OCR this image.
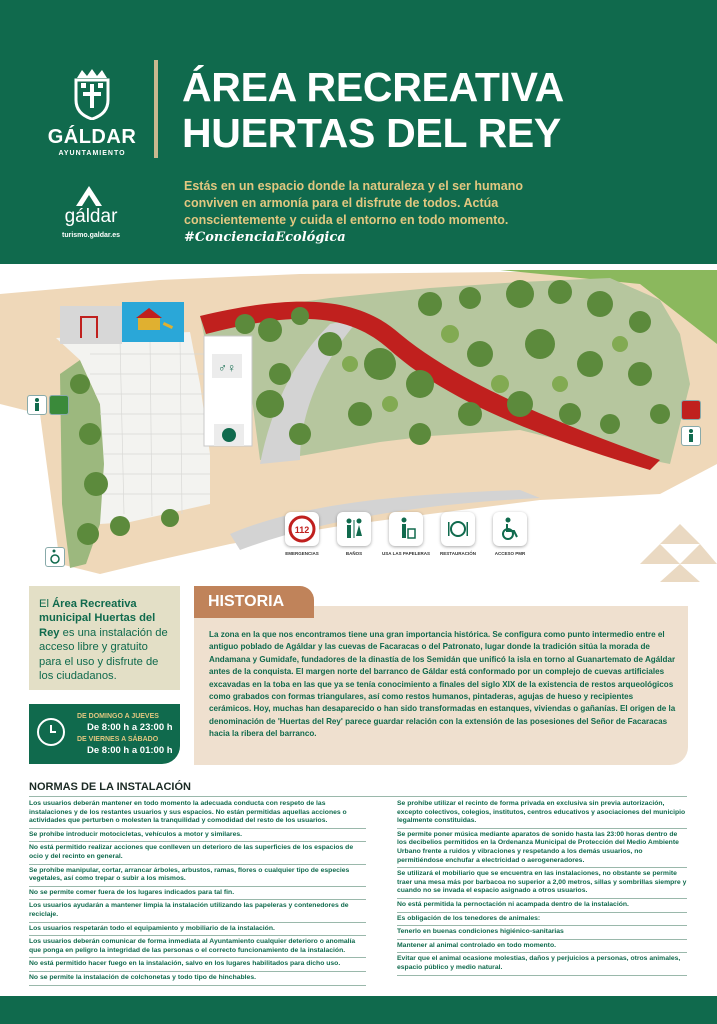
GÁLDAR
AYUNTAMIENTO
gáldar
turismo.galdar.es
ÁREA RECREATIVA
HUERTAS DEL REY
Estás en un espacio donde la naturaleza y el ser humano conviven en armonía para el disfrute de todos. Actúa conscientemente y cuida el entorno en todo momento.
#ConcienciaEcológica
♂♀
112
EMERGENCIAS	BAÑOS	USA LAS PAPELERAS	RESTAURACIÓN	ACCESO PMR
El Área Recreativa municipal Huertas del Rey es una instalación de acceso libre y gratuito para el uso y disfrute de los ciudadanos.
DE DOMINGO A JUEVES
De 8:00 h a 23:00 h
DE VIERNES A SÁBADO
De 8:00 h a 01:00 h
HISTORIA
La zona en la que nos encontramos tiene una gran importancia histórica. Se configura como punto intermedio entre el antiguo poblado de Agáldar y las cuevas de Facaracas o del Patronato, lugar donde la tradición sitúa la morada de Andamana y Gumidafe, fundadores de la dinastía de los Semidán que unificó la isla en torno al Guanartemato de Agáldar antes de la conquista. El margen norte del barranco de Gáldar está conformado por un complejo de cuevas artificiales excavadas en la toba en las que ya se tenía conocimiento a finales del siglo XIX de la existencia de restos arqueológicos como grabados con formas triangulares, así como restos humanos, pintaderas, agujas de hueso y recipientes cerámicos. Hoy, muchas han desaparecido o han sido transformadas en estanques, viviendas o gañanías. El origen de la denominación de 'Huertas del Rey' parece guardar relación con la extensión de las posesiones del Señor de Facaracas hacia la ribera del barranco.
NORMAS DE LA INSTALACIÓN

Los usuarios deberán mantener en todo momento la adecuada conducta con respeto de las instalaciones y de los restantes usuarios y sus espacios. No están permitidas aquellas acciones o actividades que perturben o molesten la tranquilidad y comodidad del resto de los usuarios.

Se prohíbe introducir motocicletas, vehículos a motor y similares.

No está permitido realizar acciones que conlleven un deterioro de las superficies de los espacios de ocio y del recinto en general.

Se prohíbe manipular, cortar, arrancar árboles, arbustos, ramas, flores o cualquier tipo de especies vegetales, así como trepar o subir a los mismos.

No se permite comer fuera de los lugares indicados para tal fin.

Los usuarios ayudarán a mantener limpia la instalación utilizando las papeleras y contenedores de reciclaje.

Los usuarios respetarán todo el equipamiento y mobiliario de la instalación.

Los usuarios deberán comunicar de forma inmediata al Ayuntamiento cualquier deterioro o anomalía que ponga en peligro la integridad de las personas o el correcto funcionamiento de la instalación.

No está permitido hacer fuego en la instalación, salvo en los lugares habilitados para dicho uso.

No se permite la instalación de colchonetas y todo tipo de hinchables.

Se prohíbe utilizar el recinto de forma privada en exclusiva sin previa autorización, excepto colectivos, colegios, institutos, centros educativos y asociaciones del municipio legalmente constituidas.

Se permite poner música mediante aparatos de sonido hasta las 23:00 horas dentro de los decibelios permitidos en la Ordenanza Municipal de Protección del Medio Ambiente Urbano frente a ruidos y vibraciones y respetando a los demás usuarios, no permitiéndose enchufar a electricidad o aerogeneradores.

Se utilizará el mobiliario que se encuentra en las instalaciones, no obstante se permite traer una mesa más por barbacoa no superior a 2,00 metros, sillas y sombrillas siempre y cuando no se invada el espacio asignado a otros usuarios.

No está permitida la pernoctación ni acampada dentro de la instalación.

Es obligación de los tenedores de animales:

Tenerlo en buenas condiciones higiénico-sanitarias

Mantener al animal controlado en todo momento.

Evitar que el animal ocasione molestias, daños y perjuicios a personas, otros animales, espacio público y medio natural.
